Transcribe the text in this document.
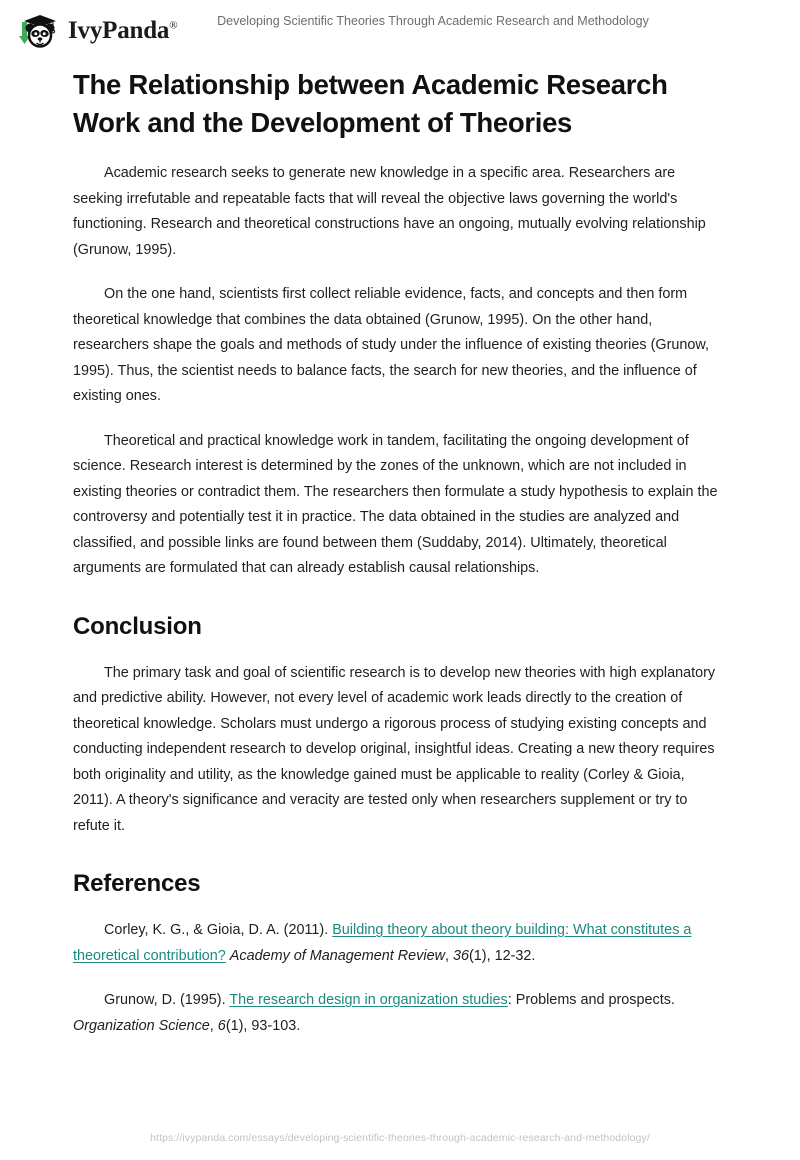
IvyPanda®	Developing Scientific Theories Through Academic Research and Methodology
The Relationship between Academic Research Work and the Development of Theories

Academic research seeks to generate new knowledge in a specific area. Researchers are seeking irrefutable and repeatable facts that will reveal the objective laws governing the world's functioning. Research and theoretical constructions have an ongoing, mutually evolving relationship (Grunow, 1995).

On the one hand, scientists first collect reliable evidence, facts, and concepts and then form theoretical knowledge that combines the data obtained (Grunow, 1995). On the other hand, researchers shape the goals and methods of study under the influence of existing theories (Grunow, 1995). Thus, the scientist needs to balance facts, the search for new theories, and the influence of existing ones.

Theoretical and practical knowledge work in tandem, facilitating the ongoing development of science. Research interest is determined by the zones of the unknown, which are not included in existing theories or contradict them. The researchers then formulate a study hypothesis to explain the controversy and potentially test it in practice. The data obtained in the studies are analyzed and classified, and possible links are found between them (Suddaby, 2014). Ultimately, theoretical arguments are formulated that can already establish causal relationships.

Conclusion

The primary task and goal of scientific research is to develop new theories with high explanatory and predictive ability. However, not every level of academic work leads directly to the creation of theoretical knowledge. Scholars must undergo a rigorous process of studying existing concepts and conducting independent research to develop original, insightful ideas. Creating a new theory requires both originality and utility, as the knowledge gained must be applicable to reality (Corley & Gioia, 2011). A theory's significance and veracity are tested only when researchers supplement or try to refute it.

References

Corley, K. G., & Gioia, D. A. (2011). Building theory about theory building: What constitutes a theoretical contribution? Academy of Management Review, 36(1), 12-32.

Grunow, D. (1995). The research design in organization studies: Problems and prospects. Organization Science, 6(1), 93-103.

https://ivypanda.com/essays/developing-scientific-theories-through-academic-research-and-methodology/
